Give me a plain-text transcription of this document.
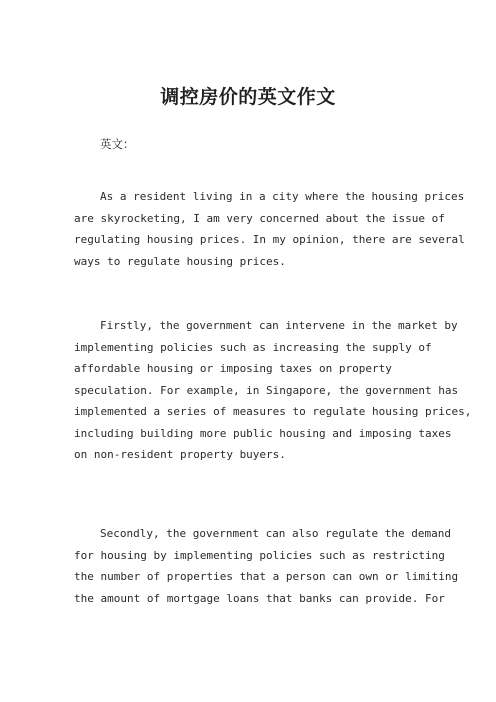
调控房价的英文作文
英文：
As a resident living in a city where the housing prices
are skyrocketing, I am very concerned about the issue of
regulating housing prices. In my opinion, there are several
ways to regulate housing prices.
Firstly, the government can intervene in the market by
implementing policies such as increasing the supply of
affordable housing or imposing taxes on property
speculation. For example, in Singapore, the government has
implemented a series of measures to regulate housing prices,
including building more public housing and imposing taxes
on non-resident property buyers.
Secondly, the government can also regulate the demand
for housing by implementing policies such as restricting
the number of properties that a person can own or limiting
the amount of mortgage loans that banks can provide. For
